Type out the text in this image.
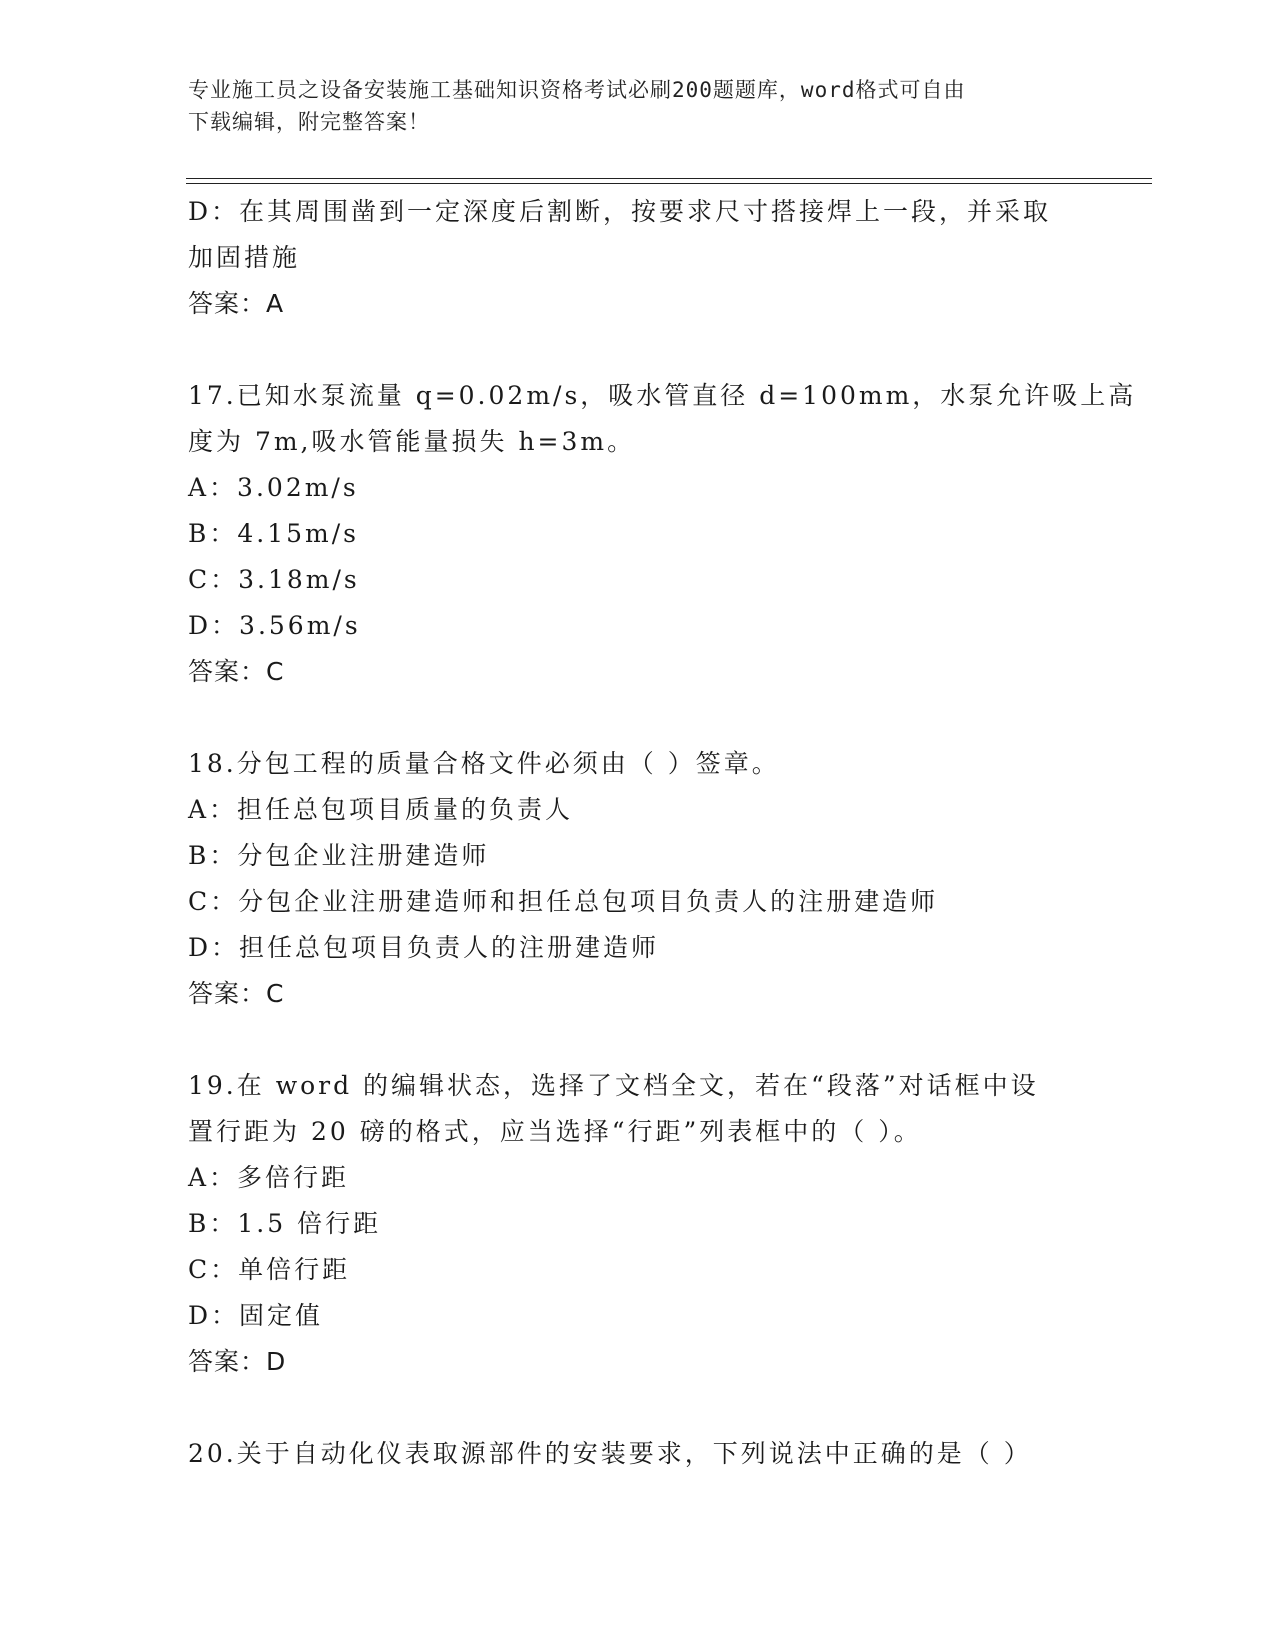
专业施工员之设备安装施工基础知识资格考试必刷200题题库，word格式可自由
下载编辑，附完整答案！
D：在其周围凿到一定深度后割断，按要求尺寸搭接焊上一段，并采取
加固措施
答案：A
17.已知水泵流量 q=0.02m/s，吸水管直径 d=100mm，水泵允许吸上高
度为 7m,吸水管能量损失 h=3m。
A：3.02m/s
B：4.15m/s
C：3.18m/s
D：3.56m/s
答案：C
18.分包工程的质量合格文件必须由（ ）签章。
A：担任总包项目质量的负责人
B：分包企业注册建造师
C：分包企业注册建造师和担任总包项目负责人的注册建造师
D：担任总包项目负责人的注册建造师
答案：C
19.在 word 的编辑状态，选择了文档全文，若在“段落”对话框中设
置行距为 20 磅的格式，应当选择“行距”列表框中的（ ）。
A：多倍行距
B：1.5 倍行距
C：单倍行距
D：固定值
答案：D
20.关于自动化仪表取源部件的安装要求，下列说法中正确的是（ ）
